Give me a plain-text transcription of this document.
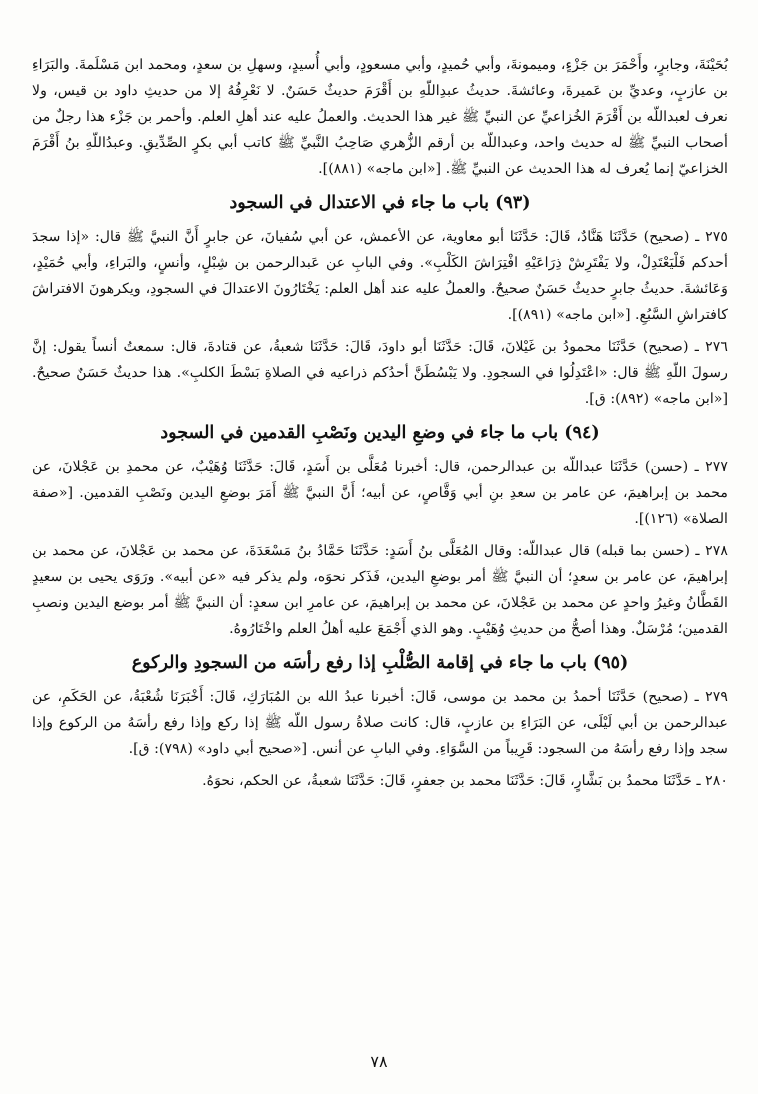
بُحَيْنَةَ، وجابرٍ، وأَحْمَرَ بن جَزْءٍ، وميمونةَ، وأبي حُميدٍ، وأبي مسعودٍ، وأبي أُسيدٍ، وسهلِ بن سعدٍ، ومحمد ابن مَسْلَمةَ. والبَرَاءِ بن عازبٍ، وعديِّ بن عَميرةَ، وعائشةَ. حديثُ عبدِاللّهِ بن أَقْرَمَ حديثٌ حَسَنٌ. لا نَعْرِفُهُ إلا من حديثِ داود بن قيس، ولا نعرف لعبداللّه بن أَقْرَمَ الخُزاعيِّ عن النبيِّ ﷺ غير هذا الحديث. والعملُ عليه عند أهلِ العلم. وأحمر بن جَزْء هذا رجلٌ من أصحاب النبيِّ ﷺ له حديث واحد، وعبداللّه بن أرقم الزُّهري صَاحِبُ النَّبيِّ ﷺ كاتب أبي بكرٍ الصِّدِّيقِ. وعبدُاللّهِ بنُ أَقْرَمَ الخزاعيّ إنما يُعرف له هذا الحديث عن النبيِّ ﷺ. [«ابن ماجه» (٨٨١)].

(٩٣) باب ما جاء في الاعتدال في السجود

٢٧٥ ـ (صحيح) حَدَّثَنَا هَنَّادٌ، قَالَ: حَدَّثَنَا أبو معاوية، عن الأعمش، عن أبي سُفيانَ، عن جابرٍ أَنَّ النبيَّ ﷺ قال: «إذا سجدَ أحدكم فَلْيَعْتَدِلْ، ولا يَفْتَرِشْ ذِرَاعَيْهِ افْتِرَاشَ الكَلْبِ». وفي البابِ عن عَبدالرحمن بن شِبْلٍ، وأنسٍ، والبَراءِ، وأبي حُمَيْدٍ، وَعَائشةَ. حديثُ جابرٍ حديثٌ حَسَنٌ صحيحٌ. والعملُ عليه عند أهل العلم: يَخْتَارُونَ الاعتدالَ في السجودِ، ويكرهونَ الافتراشَ كافتراشِ السَّبُعِ. [«ابن ماجه» (٨٩١)].

٢٧٦ ـ (صحيح) حَدَّثَنَا محمودُ بن غَيْلانَ، قَالَ: حَدَّثَنَا أبو داودَ، قَالَ: حَدَّثَنَا شعبةُ، عن قتادةَ، قال: سمعتُ أنساً يقول: إنَّ رسولَ اللّهِ ﷺ قال: «اعْتَدِلُوا في السجودِ. ولا يَبْسُطَنَّ أحدُكم ذراعيه في الصلاةِ بَسْطَ الكلبِ». هذا حديثٌ حَسَنٌ صحيحٌ. [«ابن ماجه» (٨٩٢): ق].

(٩٤) باب ما جاء في وضعِ اليدين ونَصْبِ القدمين في السجود

٢٧٧ ـ (حسن) حَدَّثَنَا عبداللّه بن عبدالرحمن، قال: أخبرنا مُعَلَّى بن أَسَدٍ، قَالَ: حَدَّثَنَا وُهَيْبٌ، عن محمدِ بن عَجْلانَ، عن محمد بن إبراهيمَ، عن عامر بن سعدِ بنِ أبي وَقَّاصٍ، عن أبيه؛ أَنَّ النبيَّ ﷺ أَمَرَ بوضعِ اليدين ونَصْبِ القدمين. [«صفة الصلاة» (١٢٦)].

٢٧٨ ـ (حسن بما قبله) قال عبداللّه: وقال المُعَلَّى بنُ أَسَدٍ: حَدَّثَنَا حَمَّادُ بنُ مَسْعَدَةَ، عن محمد بن عَجْلانَ، عن محمد بن إبراهيمَ، عن عامر بن سعدٍ؛ أن النبيَّ ﷺ أمر بوضعِ اليدين، فَذَكر نحوَه، ولم يذكر فيه «عن أبيه». ورَوَى يحيى بن سعيدٍ القَطَّانُ وغيرُ واحدٍ عن محمد بن عَجْلانَ، عن محمد بن إبراهيمَ، عن عامرِ ابن سعدٍ: أن النبيَّ ﷺ أمر بوضع اليدين ونصبِ القدمين؛ مُرْسَلٌ. وهذا أصحُّ من حديثِ وُهَيْبٍ. وهو الذي أَجْمَعَ عليه أهلُ العلم واخْتَارُوهُ.

(٩٥) باب ما جاء في إقامة الصُّلْبِ إذا رفع رأسَه من السجودِ والركوع

٢٧٩ ـ (صحيح) حَدَّثَنَا أحمدُ بن محمد بن موسى، قَالَ: أخبرنا عبدُ الله بن المُبَارَكِ، قَالَ: أَخْبَرَنَا شُعْبَةُ، عن الحَكَمِ، عن عبدالرحمن بن أبي لَيْلَى، عن البَرَاءِ بن عازبٍ، قال: كانت صلاةُ رسول اللّه ﷺ إذا ركع وإذا رفع رأسَهُ من الركوع وإذا سجد وإذا رفع رأسَهُ من السجود: قَرِيباً من السَّوَاءِ. وفي البابِ عن أنس. [«صحيح أبي داود» (٧٩٨): ق].

٢٨٠ ـ حَدَّثَنَا محمدُ بن بَشَّارٍ، قَالَ: حَدَّثَنَا محمد بن جعفرٍ، قَالَ: حَدَّثَنَا شعبةُ، عن الحكم، نحوَهُ.

٧٨
